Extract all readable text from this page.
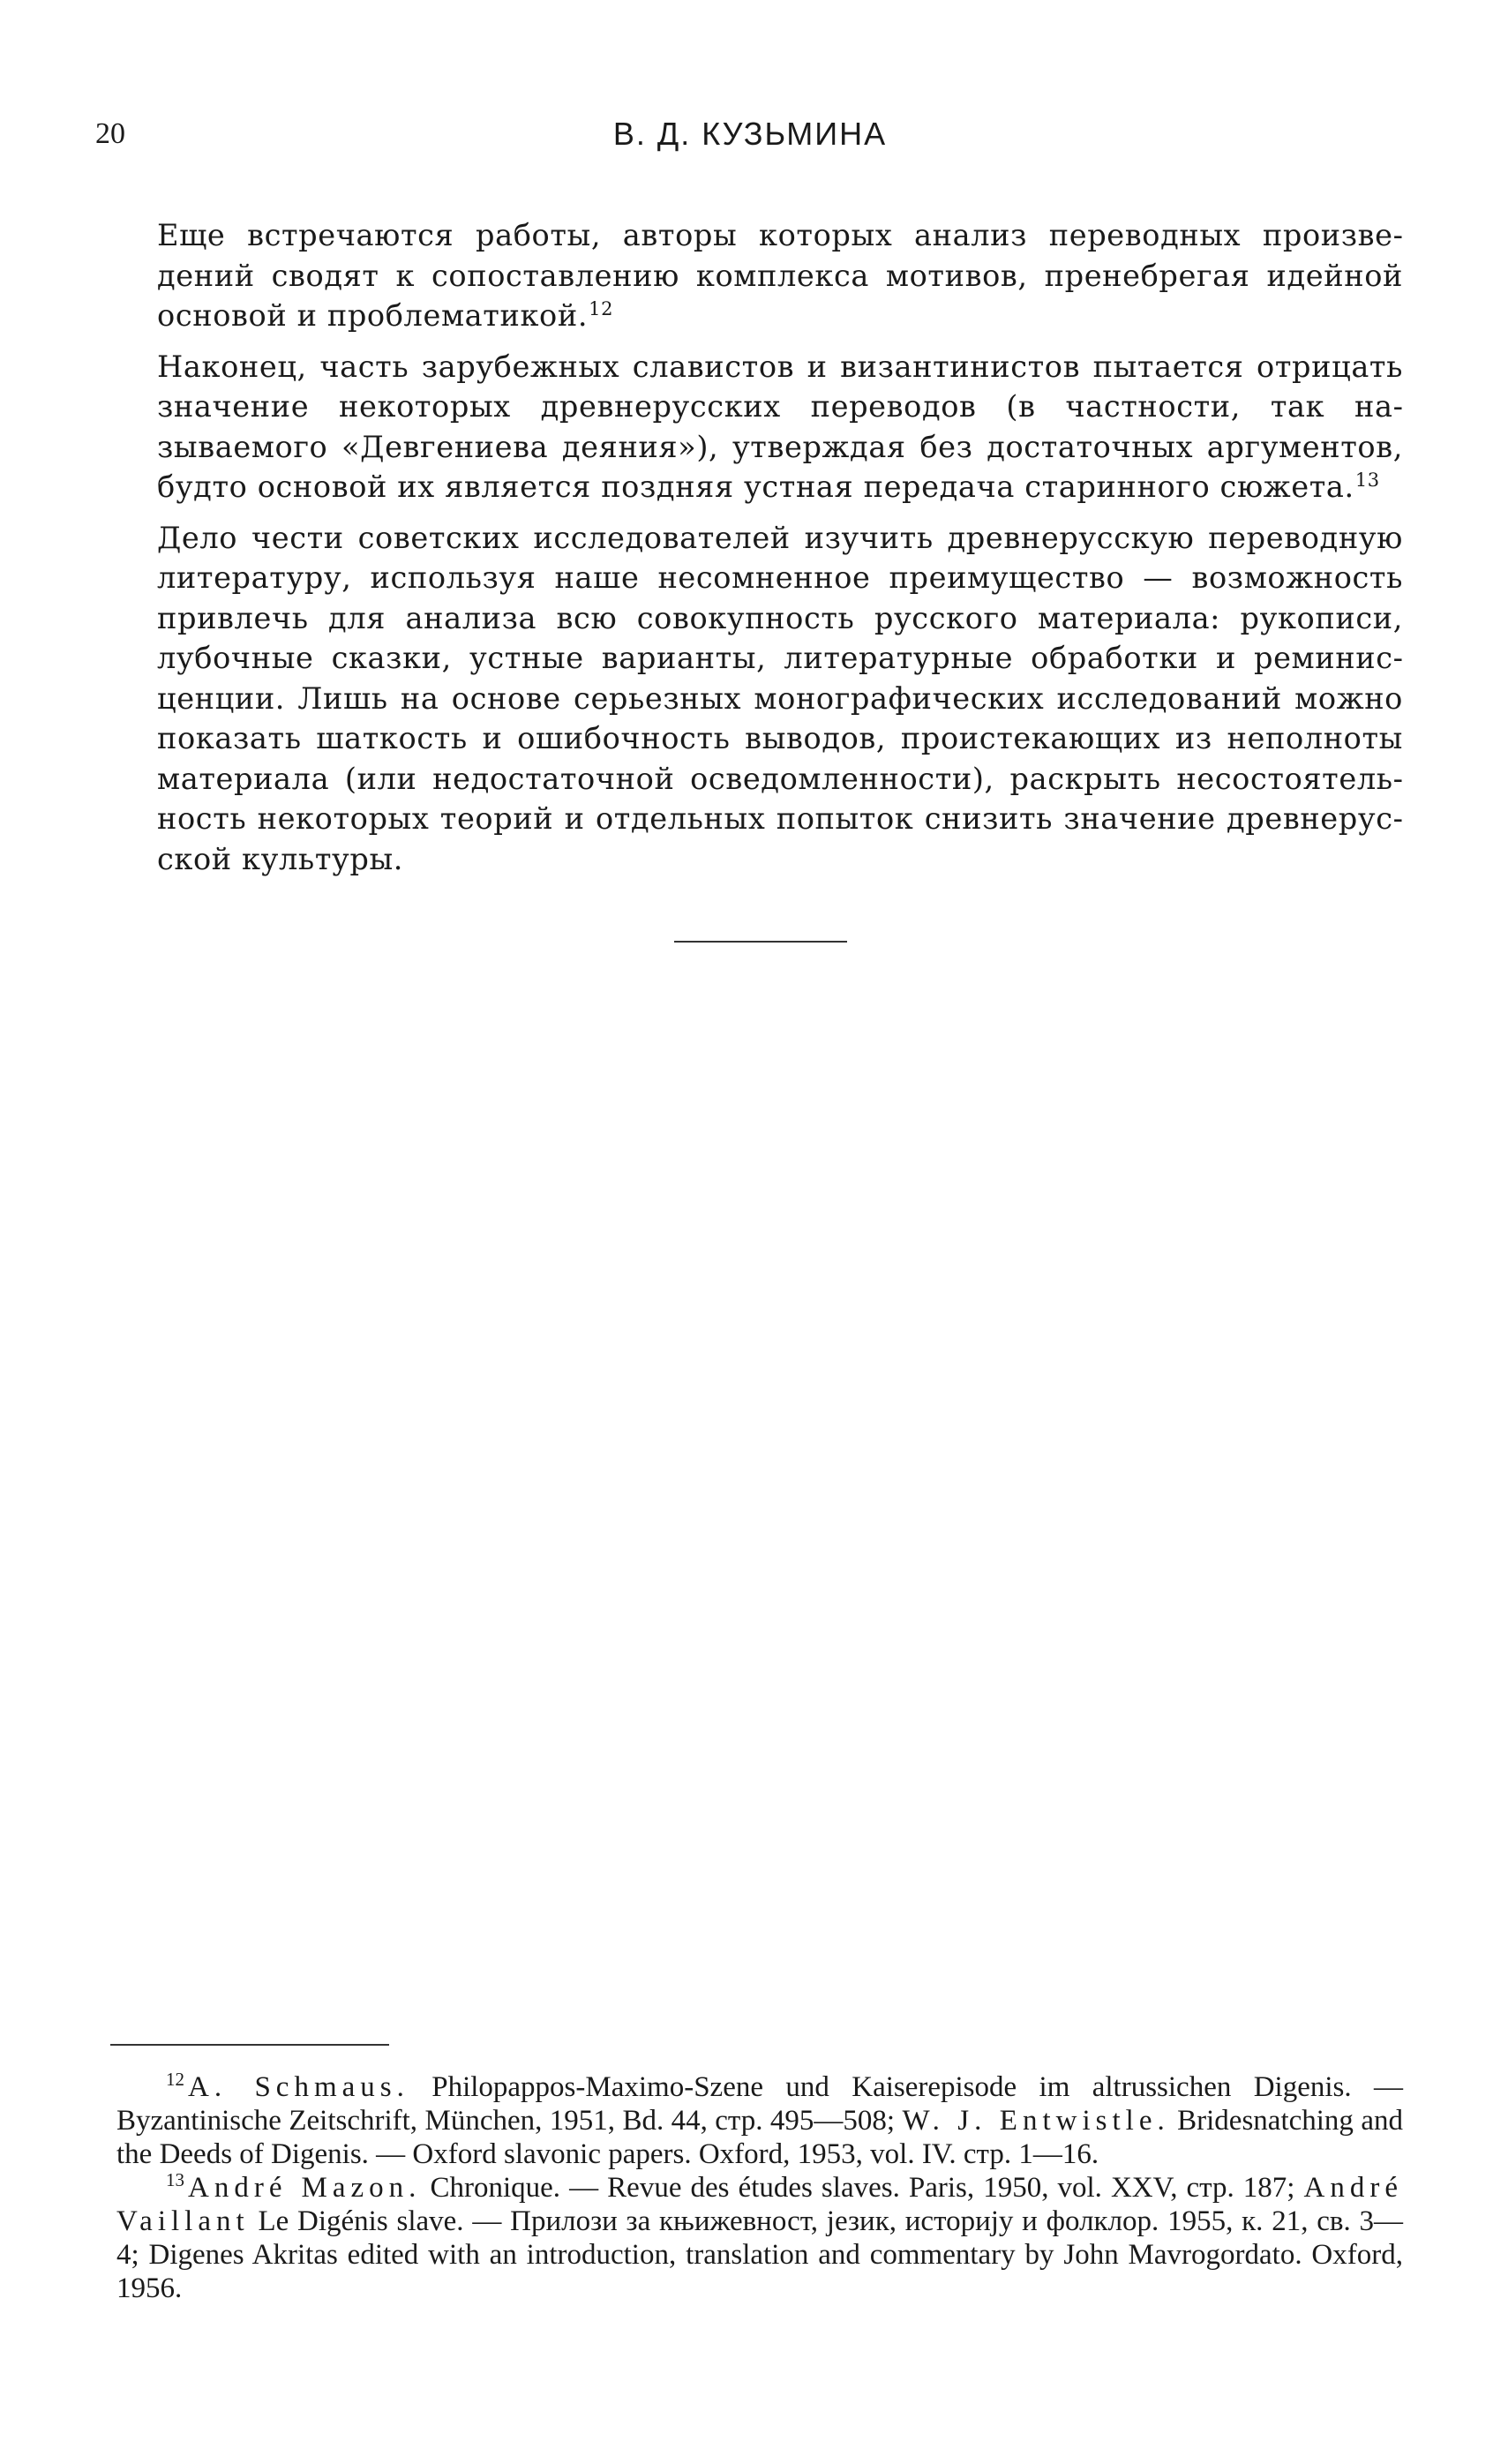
20	В. Д. КУЗЬМИНА

Еще встречаются работы, авторы которых анализ переводных произведений сводят к сопоставлению комплекса мотивов, пренебрегая идейной основой и проблематикой.$^{12}$

Наконец, часть зарубежных славистов и византинистов пытается отрицать значение некоторых древнерусских переводов (в частности, так называемого «Девгениева деяния»), утверждая без достаточных аргументов, будто основой их является поздняя устная передача старинного сюжета.$^{13}$

Дело чести советских исследователей изучить древнерусскую переводную литературу, используя наше несомненное преимущество — возможность привлечь для анализа всю совокупность русского материала: рукописи, лубочные сказки, устные варианты, литературные обработки и реминисценции. Лишь на основе серьезных монографических исследований можно показать шаткость и ошибочность выводов, проистекающих из неполноты материала (или недостаточной осведомленности), раскрыть несостоятельность некоторых теорий и отдельных попыток снизить значение древнерусской культуры.

$^{12}$ A. Schmaus. Philopappos-Maximo-Szene und Kaiserepisode im altrussichen Digenis. — Byzantinische Zeitschrift, München, 1951, Bd. 44, стр. 495—508; W. J. Entwistle. Bridesnatching and the Deeds of Digenis. — Oxford slavonic papers. Oxford, 1953, vol. IV. стр. 1—16.

$^{13}$ André Mazon. Chronique. — Revue des études slaves. Paris, 1950, vol. XXV, стр. 187; André Vaillant Le Digénis slave. — Прилози за књижевност, језик, историју и фолклор. 1955, к. 21, св. 3—4; Digenes Akritas edited with an introduction, translation and commentary by John Mavrogordato. Oxford, 1956.
